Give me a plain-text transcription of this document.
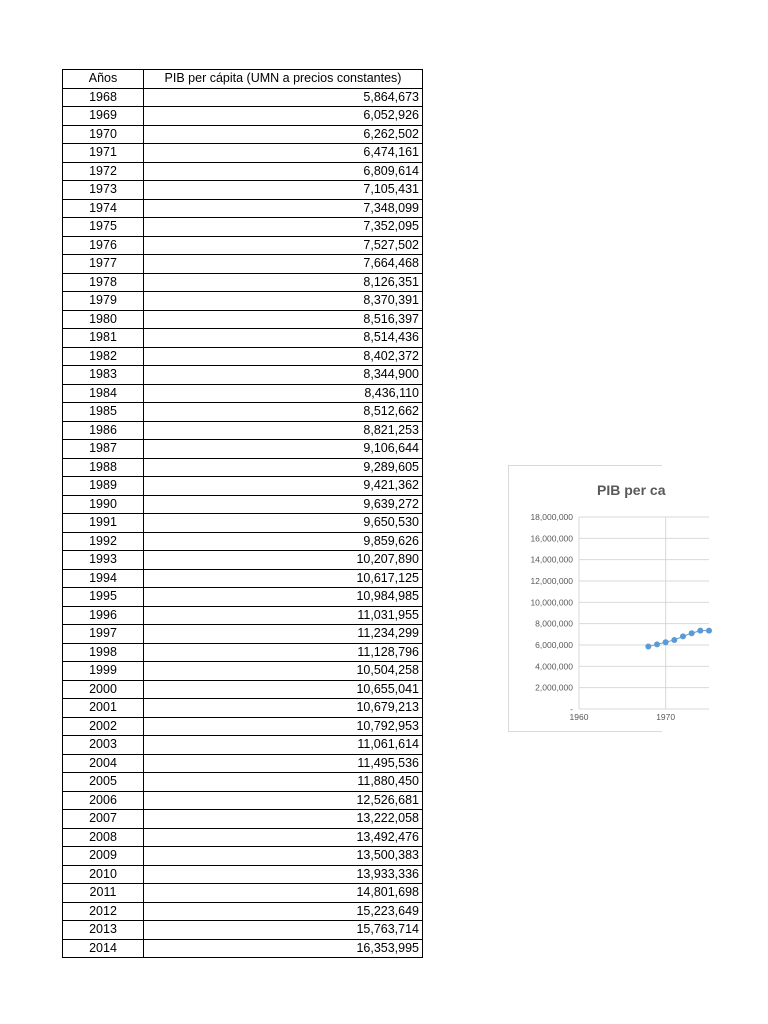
Años	PIB per cápita (UMN a precios constantes)
1968	5,864,673
1969	6,052,926
1970	6,262,502
1971	6,474,161
1972	6,809,614
1973	7,105,431
1974	7,348,099
1975	7,352,095
1976	7,527,502
1977	7,664,468
1978	8,126,351
1979	8,370,391
1980	8,516,397
1981	8,514,436
1982	8,402,372
1983	8,344,900
1984	8,436,110
1985	8,512,662
1986	8,821,253
1987	9,106,644
1988	9,289,605
1989	9,421,362
1990	9,639,272
1991	9,650,530
1992	9,859,626
1993	10,207,890
1994	10,617,125
1995	10,984,985
1996	11,031,955
1997	11,234,299
1998	11,128,796
1999	10,504,258
2000	10,655,041
2001	10,679,213
2002	10,792,953
2003	11,061,614
2004	11,495,536
2005	11,880,450
2006	12,526,681
2007	13,222,058
2008	13,492,476
2009	13,500,383
2010	13,933,336
2011	14,801,698
2012	15,223,649
2013	15,763,714
2014	16,353,995
PIB per ca
18,000,000
16,000,000
14,000,000
12,000,000
10,000,000
8,000,000
6,000,000
4,000,000
2,000,000
-
1960	1970
